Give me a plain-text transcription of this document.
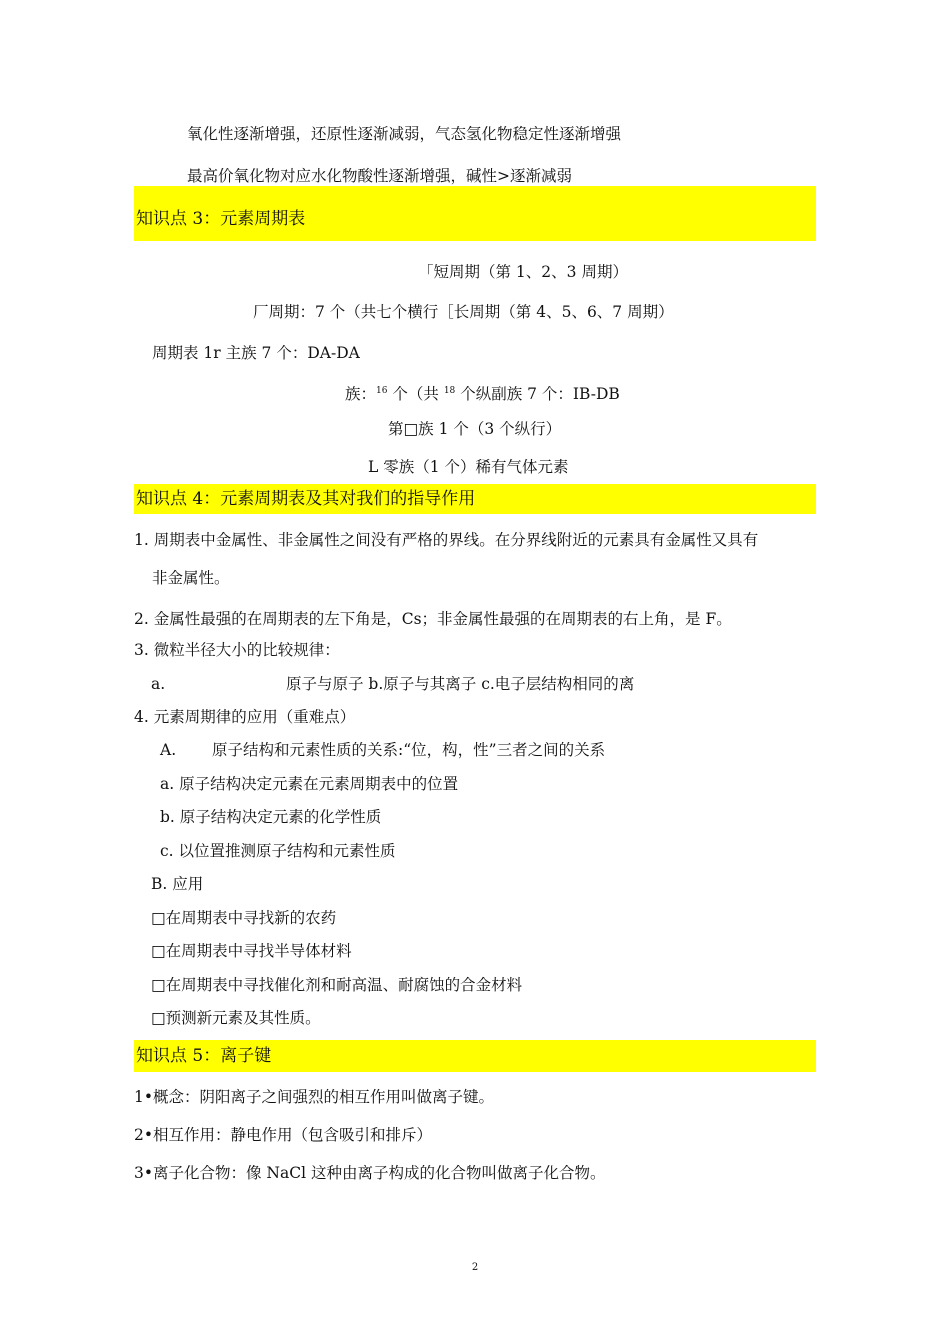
氧化性逐渐增强，还原性逐渐减弱，气态氢化物稳定性逐渐增强
最高价氧化物对应水化物酸性逐渐增强，碱性>逐渐减弱
知识点 3：元素周期表
「短周期（第 1、2、3 周期）
厂周期：7 个（共七个横行［长周期（第 4、5、6、7 周期）
周期表 1r 主族 7 个：DA-DA
族：$^{16}$ 个（共 $^{18}$ 个纵副族 7 个：IB-DB
第□族 1 个（3 个纵行）
L 零族（1 个）稀有气体元素
知识点 4：元素周期表及其对我们的指导作用
1. 周期表中金属性、非金属性之间没有严格的界线。在分界线附近的元素具有金属性又具有
非金属性。
2. 金属性最强的在周期表的左下角是，Cs；非金属性最强的在周期表的右上角，是 F。
3. 微粒半径大小的比较规律：
a.	原子与原子 b.原子与其离子 c.电子层结构相同的离
4. 元素周期律的应用（重难点）
A. 原子结构和元素性质的关系:“位，构，性”三者之间的关系
a. 原子结构决定元素在元素周期表中的位置
b. 原子结构决定元素的化学性质
c. 以位置推测原子结构和元素性质
B. 应用
□在周期表中寻找新的农药
□在周期表中寻找半导体材料
□在周期表中寻找催化剂和耐高温、耐腐蚀的合金材料
□预测新元素及其性质。
知识点 5：离子键
1•概念：阴阳离子之间强烈的相互作用叫做离子键。
2•相互作用：静电作用（包含吸引和排斥）
3•离子化合物：像 NaCl 这种由离子构成的化合物叫做离子化合物。
2
